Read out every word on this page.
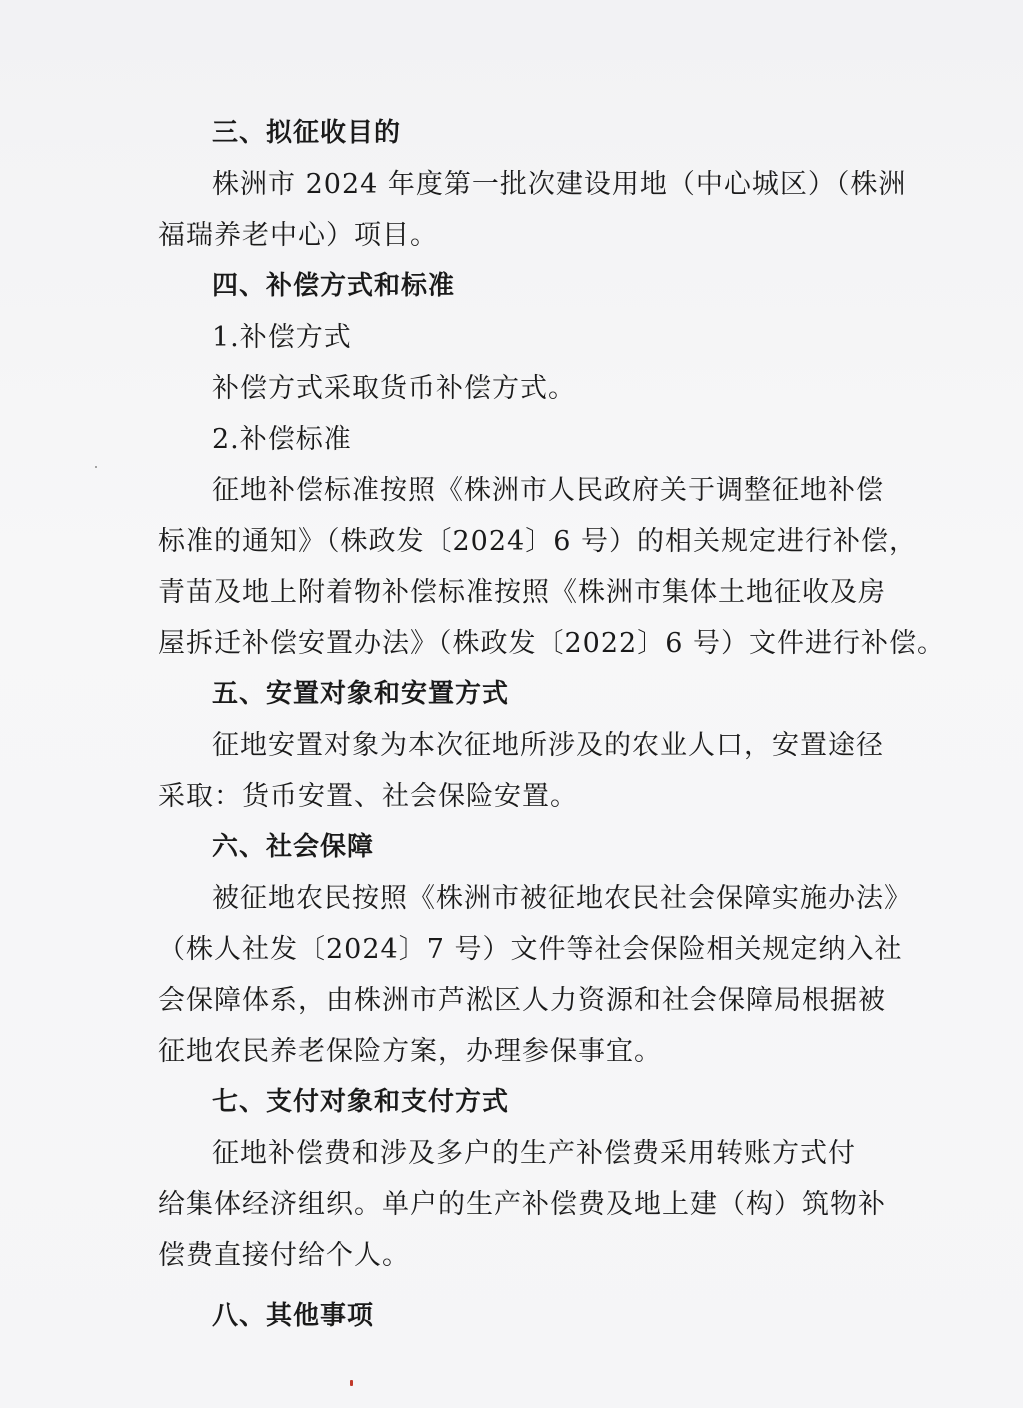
三、拟征收目的
株洲市 2024 年度第一批次建设用地（中心城区）（株洲
福瑞养老中心）项目。
四、补偿方式和标准
1.补偿方式
补偿方式采取货币补偿方式。
2.补偿标准
征地补偿标准按照《株洲市人民政府关于调整征地补偿
标准的通知》（株政发〔2024〕6 号）的相关规定进行补偿，
青苗及地上附着物补偿标准按照《株洲市集体土地征收及房
屋拆迁补偿安置办法》（株政发〔2022〕6 号）文件进行补偿。
五、安置对象和安置方式
征地安置对象为本次征地所涉及的农业人口，安置途径
采取：货币安置、社会保险安置。
六、社会保障
被征地农民按照《株洲市被征地农民社会保障实施办法》
（株人社发〔2024〕7 号）文件等社会保险相关规定纳入社
会保障体系，由株洲市芦淞区人力资源和社会保障局根据被
征地农民养老保险方案，办理参保事宜。
七、支付对象和支付方式
征地补偿费和涉及多户的生产补偿费采用转账方式付
给集体经济组织。单户的生产补偿费及地上建（构）筑物补
偿费直接付给个人。
八、其他事项
